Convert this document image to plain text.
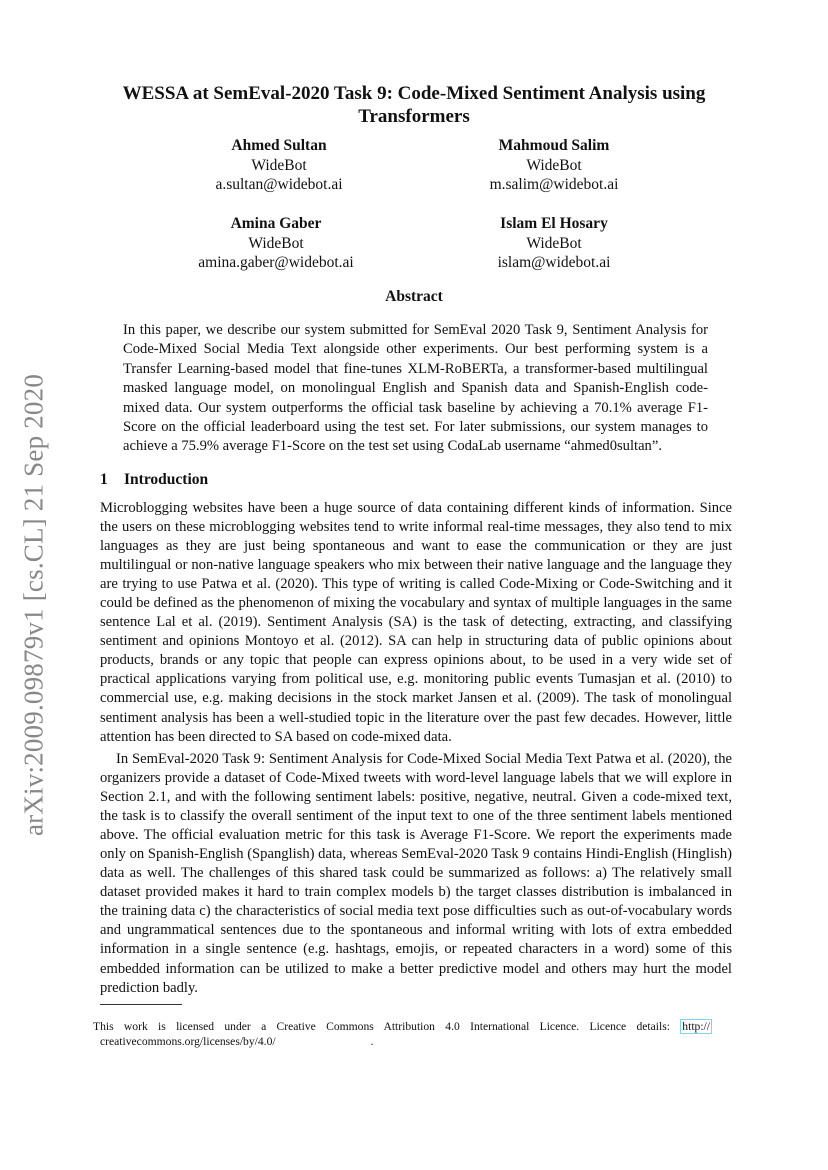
arXiv:2009.09879v1 [cs.CL] 21 Sep 2020
WESSA at SemEval-2020 Task 9: Code-Mixed Sentiment Analysis using Transformers
Ahmed Sultan
WideBot
a.sultan@widebot.ai
Mahmoud Salim
WideBot
m.salim@widebot.ai
Amina Gaber
WideBot
amina.gaber@widebot.ai
Islam El Hosary
WideBot
islam@widebot.ai
Abstract

In this paper, we describe our system submitted for SemEval 2020 Task 9, Sentiment Analysis for Code-Mixed Social Media Text alongside other experiments. Our best performing system is a Transfer Learning-based model that fine-tunes XLM-RoBERTa, a transformer-based multilingual masked language model, on monolingual English and Spanish data and Spanish-English code-mixed data. Our system outperforms the official task baseline by achieving a 70.1% average F1-Score on the official leaderboard using the test set. For later submissions, our system manages to achieve a 75.9% average F1-Score on the test set using CodaLab username “ahmed0sultan”.

1 Introduction

Microblogging websites have been a huge source of data containing different kinds of information. Since the users on these microblogging websites tend to write informal real-time messages, they also tend to mix languages as they are just being spontaneous and want to ease the communication or they are just multilingual or non-native language speakers who mix between their native language and the language they are trying to use Patwa et al. (2020). This type of writing is called Code-Mixing or Code-Switching and it could be defined as the phenomenon of mixing the vocabulary and syntax of multiple languages in the same sentence Lal et al. (2019). Sentiment Analysis (SA) is the task of detecting, extracting, and classifying sentiment and opinions Montoyo et al. (2012). SA can help in structuring data of public opinions about products, brands or any topic that people can express opinions about, to be used in a very wide set of practical applications varying from political use, e.g. monitoring public events Tumasjan et al. (2010) to commercial use, e.g. making decisions in the stock market Jansen et al. (2009). The task of monolingual sentiment analysis has been a well-studied topic in the literature over the past few decades. However, little attention has been directed to SA based on code-mixed data.

In SemEval-2020 Task 9: Sentiment Analysis for Code-Mixed Social Media Text Patwa et al. (2020), the organizers provide a dataset of Code-Mixed tweets with word-level language labels that we will explore in Section 2.1, and with the following sentiment labels: positive, negative, neutral. Given a code-mixed text, the task is to classify the overall sentiment of the input text to one of the three sentiment labels mentioned above. The official evaluation metric for this task is Average F1-Score. We report the experiments made only on Spanish-English (Spanglish) data, whereas SemEval-2020 Task 9 contains Hindi-English (Hinglish) data as well. The challenges of this shared task could be summarized as follows: a) The relatively small dataset provided makes it hard to train complex models b) the target classes distribution is imbalanced in the training data c) the characteristics of social media text pose difficulties such as out-of-vocabulary words and ungrammatical sentences due to the spontaneous and informal writing with lots of extra embedded information in a single sentence (e.g. hashtags, emojis, or repeated characters in a word) some of this embedded information can be utilized to make a better predictive model and others may hurt the model prediction badly.

This work is licensed under a Creative Commons Attribution 4.0 International Licence. Licence details: http:// creativecommons.org/licenses/by/4.0/	.
